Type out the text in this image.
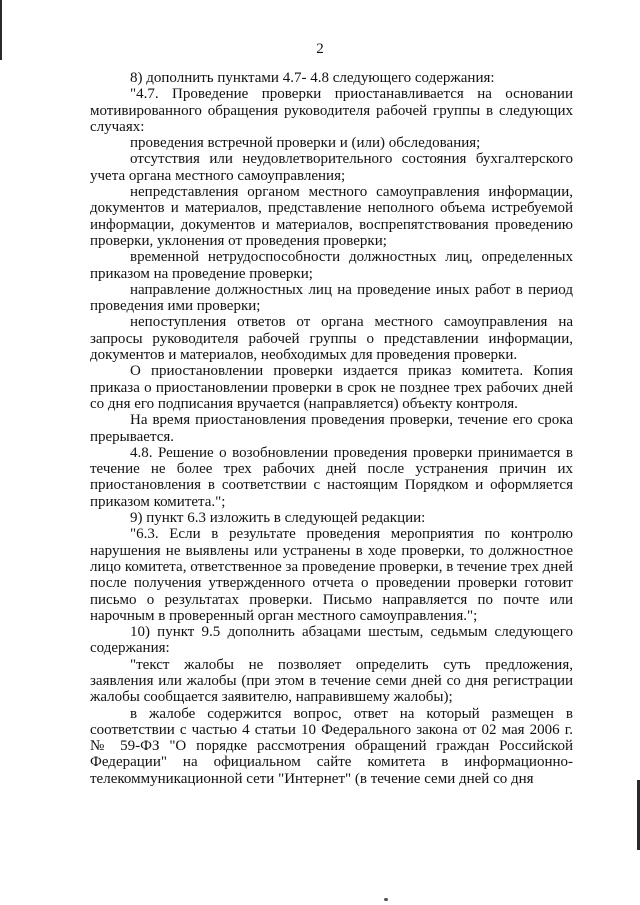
2

8) дополнить пунктами 4.7- 4.8 следующего содержания:

"4.7. Проведение проверки приостанавливается на основании мотивированного обращения руководителя рабочей группы в следующих случаях:

проведения встречной проверки и (или) обследования;

отсутствия или неудовлетворительного состояния бухгалтерского учета органа местного самоуправления;

непредставления органом местного самоуправления информации, документов и материалов, представление неполного объема истребуемой информации, документов и материалов, воспрепятствования проведению проверки, уклонения от проведения проверки;

временной нетрудоспособности должностных лиц, определенных приказом на проведение проверки;

направление должностных лиц на проведение иных работ в период проведения ими проверки;

непоступления ответов от органа местного самоуправления на запросы руководителя рабочей группы о представлении информации, документов и материалов, необходимых для проведения проверки.

О приостановлении проверки издается приказ комитета. Копия приказа о приостановлении проверки в срок не позднее трех рабочих дней со дня его подписания вручается (направляется) объекту контроля.

На время приостановления проведения проверки, течение его срока прерывается.

4.8. Решение о возобновлении проведения проверки принимается в течение не более трех рабочих дней после устранения причин их приостановления в соответствии с настоящим Порядком и оформляется приказом комитета.";

9) пункт 6.3 изложить в следующей редакции:

"6.3. Если в результате проведения мероприятия по контролю нарушения не выявлены или устранены в ходе проверки, то должностное лицо комитета, ответственное за проведение проверки, в течение трех дней после получения утвержденного отчета о проведении проверки готовит письмо о результатах проверки. Письмо направляется по почте или нарочным в проверенный орган местного самоуправления.";

10) пункт 9.5 дополнить абзацами шестым, седьмым следующего содержания:

"текст жалобы не позволяет определить суть предложения, заявления или жалобы (при этом в течение семи дней со дня регистрации жалобы сообщается заявителю, направившему жалобы);

в жалобе содержится вопрос, ответ на который размещен в соответствии с частью 4 статьи 10 Федерального закона от 02 мая 2006 г. № 59-ФЗ "О порядке рассмотрения обращений граждан Российской Федерации" на официальном сайте комитета в информационно-телекоммуникационной сети "Интернет" (в течение семи дней со дня
